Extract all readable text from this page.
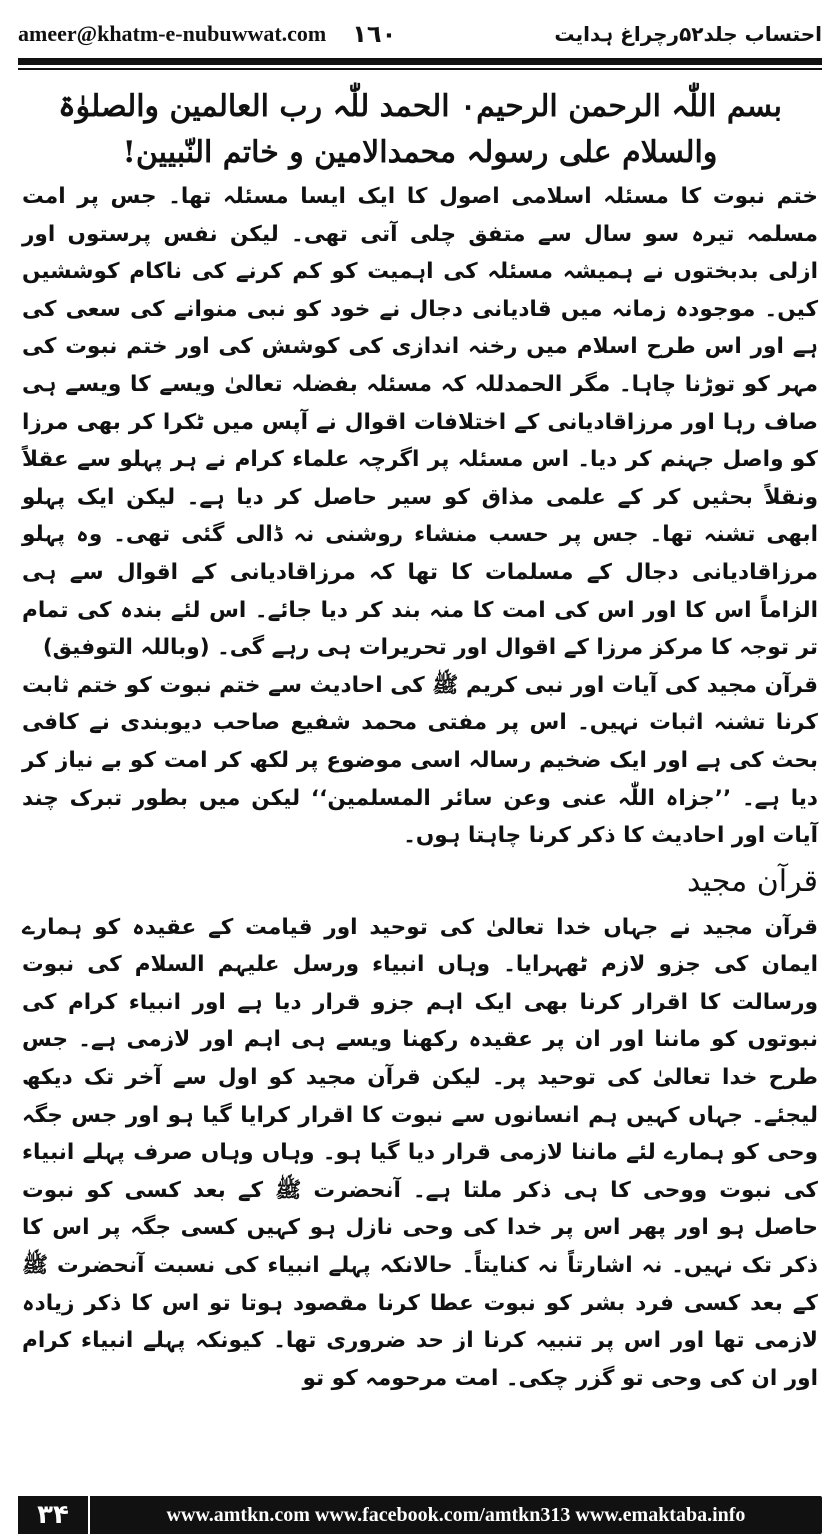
ameer@khatm-e-nubuwwat.com ١٦٠	احتساب جلد۵۲رچراغ ہدایت

بسم اللّٰہ الرحمن الرحیم۰ الحمد للّٰہ رب العالمین والصلوٰۃ والسلام علی رسولہ محمدالامین و خاتم النّبیین!

ختم نبوت کا مسئلہ اسلامی اصول کا ایک ایسا مسئلہ تھا۔ جس پر امت مسلمہ تیرہ سو سال سے متفق چلی آتی تھی۔ لیکن نفس پرستوں اور ازلی بدبختوں نے ہمیشہ مسئلہ کی اہمیت کو کم کرنے کی ناکام کوششیں کیں۔ موجودہ زمانہ میں قادیانی دجال نے خود کو نبی منوانے کی سعی کی ہے اور اس طرح اسلام میں رخنہ اندازی کی کوشش کی اور ختم نبوت کی مہر کو توڑنا چاہا۔ مگر الحمدللہ کہ مسئلہ بفضلہ تعالیٰ ویسے کا ویسے ہی صاف رہا اور مرزاقادیانی کے اختلافات اقوال نے آپس میں ٹکرا کر بھی مرزا کو واصل جہنم کر دیا۔ اس مسئلہ پر اگرچہ علماء کرام نے ہر پہلو سے عقلاً ونقلاً بحثیں کر کے علمی مذاق کو سیر حاصل کر دیا ہے۔ لیکن ایک پہلو ابھی تشنہ تھا۔ جس پر حسب منشاء روشنی نہ ڈالی گئی تھی۔ وہ پہلو مرزاقادیانی دجال کے مسلمات کا تھا کہ مرزاقادیانی کے اقوال سے ہی الزاماً اس کا اور اس کی امت کا منہ بند کر دیا جائے۔ اس لئے بندہ کی تمام تر توجہ کا مرکز مرزا کے اقوال اور تحریرات ہی رہے گی۔ (وباللہ التوفیق)

قرآن مجید کی آیات اور نبی کریم ﷺ کی احادیث سے ختم نبوت کو ختم ثابت کرنا تشنہ اثبات نہیں۔ اس پر مفتی محمد شفیع صاحب دیوبندی نے کافی بحث کی ہے اور ایک ضخیم رسالہ اسی موضوع پر لکھ کر امت کو بے نیاز کر دیا ہے۔ ’’جزاہ اللّٰہ عنی وعن سائر المسلمین‘‘ لیکن میں بطور تبرک چند آیات اور احادیث کا ذکر کرنا چاہتا ہوں۔

قرآن مجید

قرآن مجید نے جہاں خدا تعالیٰ کی توحید اور قیامت کے عقیدہ کو ہمارے ایمان کی جزو لازم ٹھہرایا۔ وہاں انبیاء ورسل علیہم السلام کی نبوت ورسالت کا اقرار کرنا بھی ایک اہم جزو قرار دیا ہے اور انبیاء کرام کی نبوتوں کو ماننا اور ان پر عقیدہ رکھنا ویسے ہی اہم اور لازمی ہے۔ جس طرح خدا تعالیٰ کی توحید پر۔ لیکن قرآن مجید کو اول سے آخر تک دیکھ لیجئے۔ جہاں کہیں ہم انسانوں سے نبوت کا اقرار کرایا گیا ہو اور جس جگہ وحی کو ہمارے لئے ماننا لازمی قرار دیا گیا ہو۔ وہاں وہاں صرف پہلے انبیاء کی نبوت ووحی کا ہی ذکر ملتا ہے۔ آنحضرت ﷺ کے بعد کسی کو نبوت حاصل ہو اور پھر اس پر خدا کی وحی نازل ہو کہیں کسی جگہ پر اس کا ذکر تک نہیں۔ نہ اشارتاً نہ کنایتاً۔ حالانکہ پہلے انبیاء کی نسبت آنحضرت ﷺ کے بعد کسی فرد بشر کو نبوت عطا کرنا مقصود ہوتا تو اس کا ذکر زیادہ لازمی تھا اور اس پر تنبیہ کرنا از حد ضروری تھا۔ کیونکہ پہلے انبیاء کرام اور ان کی وحی تو گزر چکی۔ امت مرحومہ کو تو

۳۴	www.amtkn.com www.facebook.com/amtkn313 www.emaktaba.info
